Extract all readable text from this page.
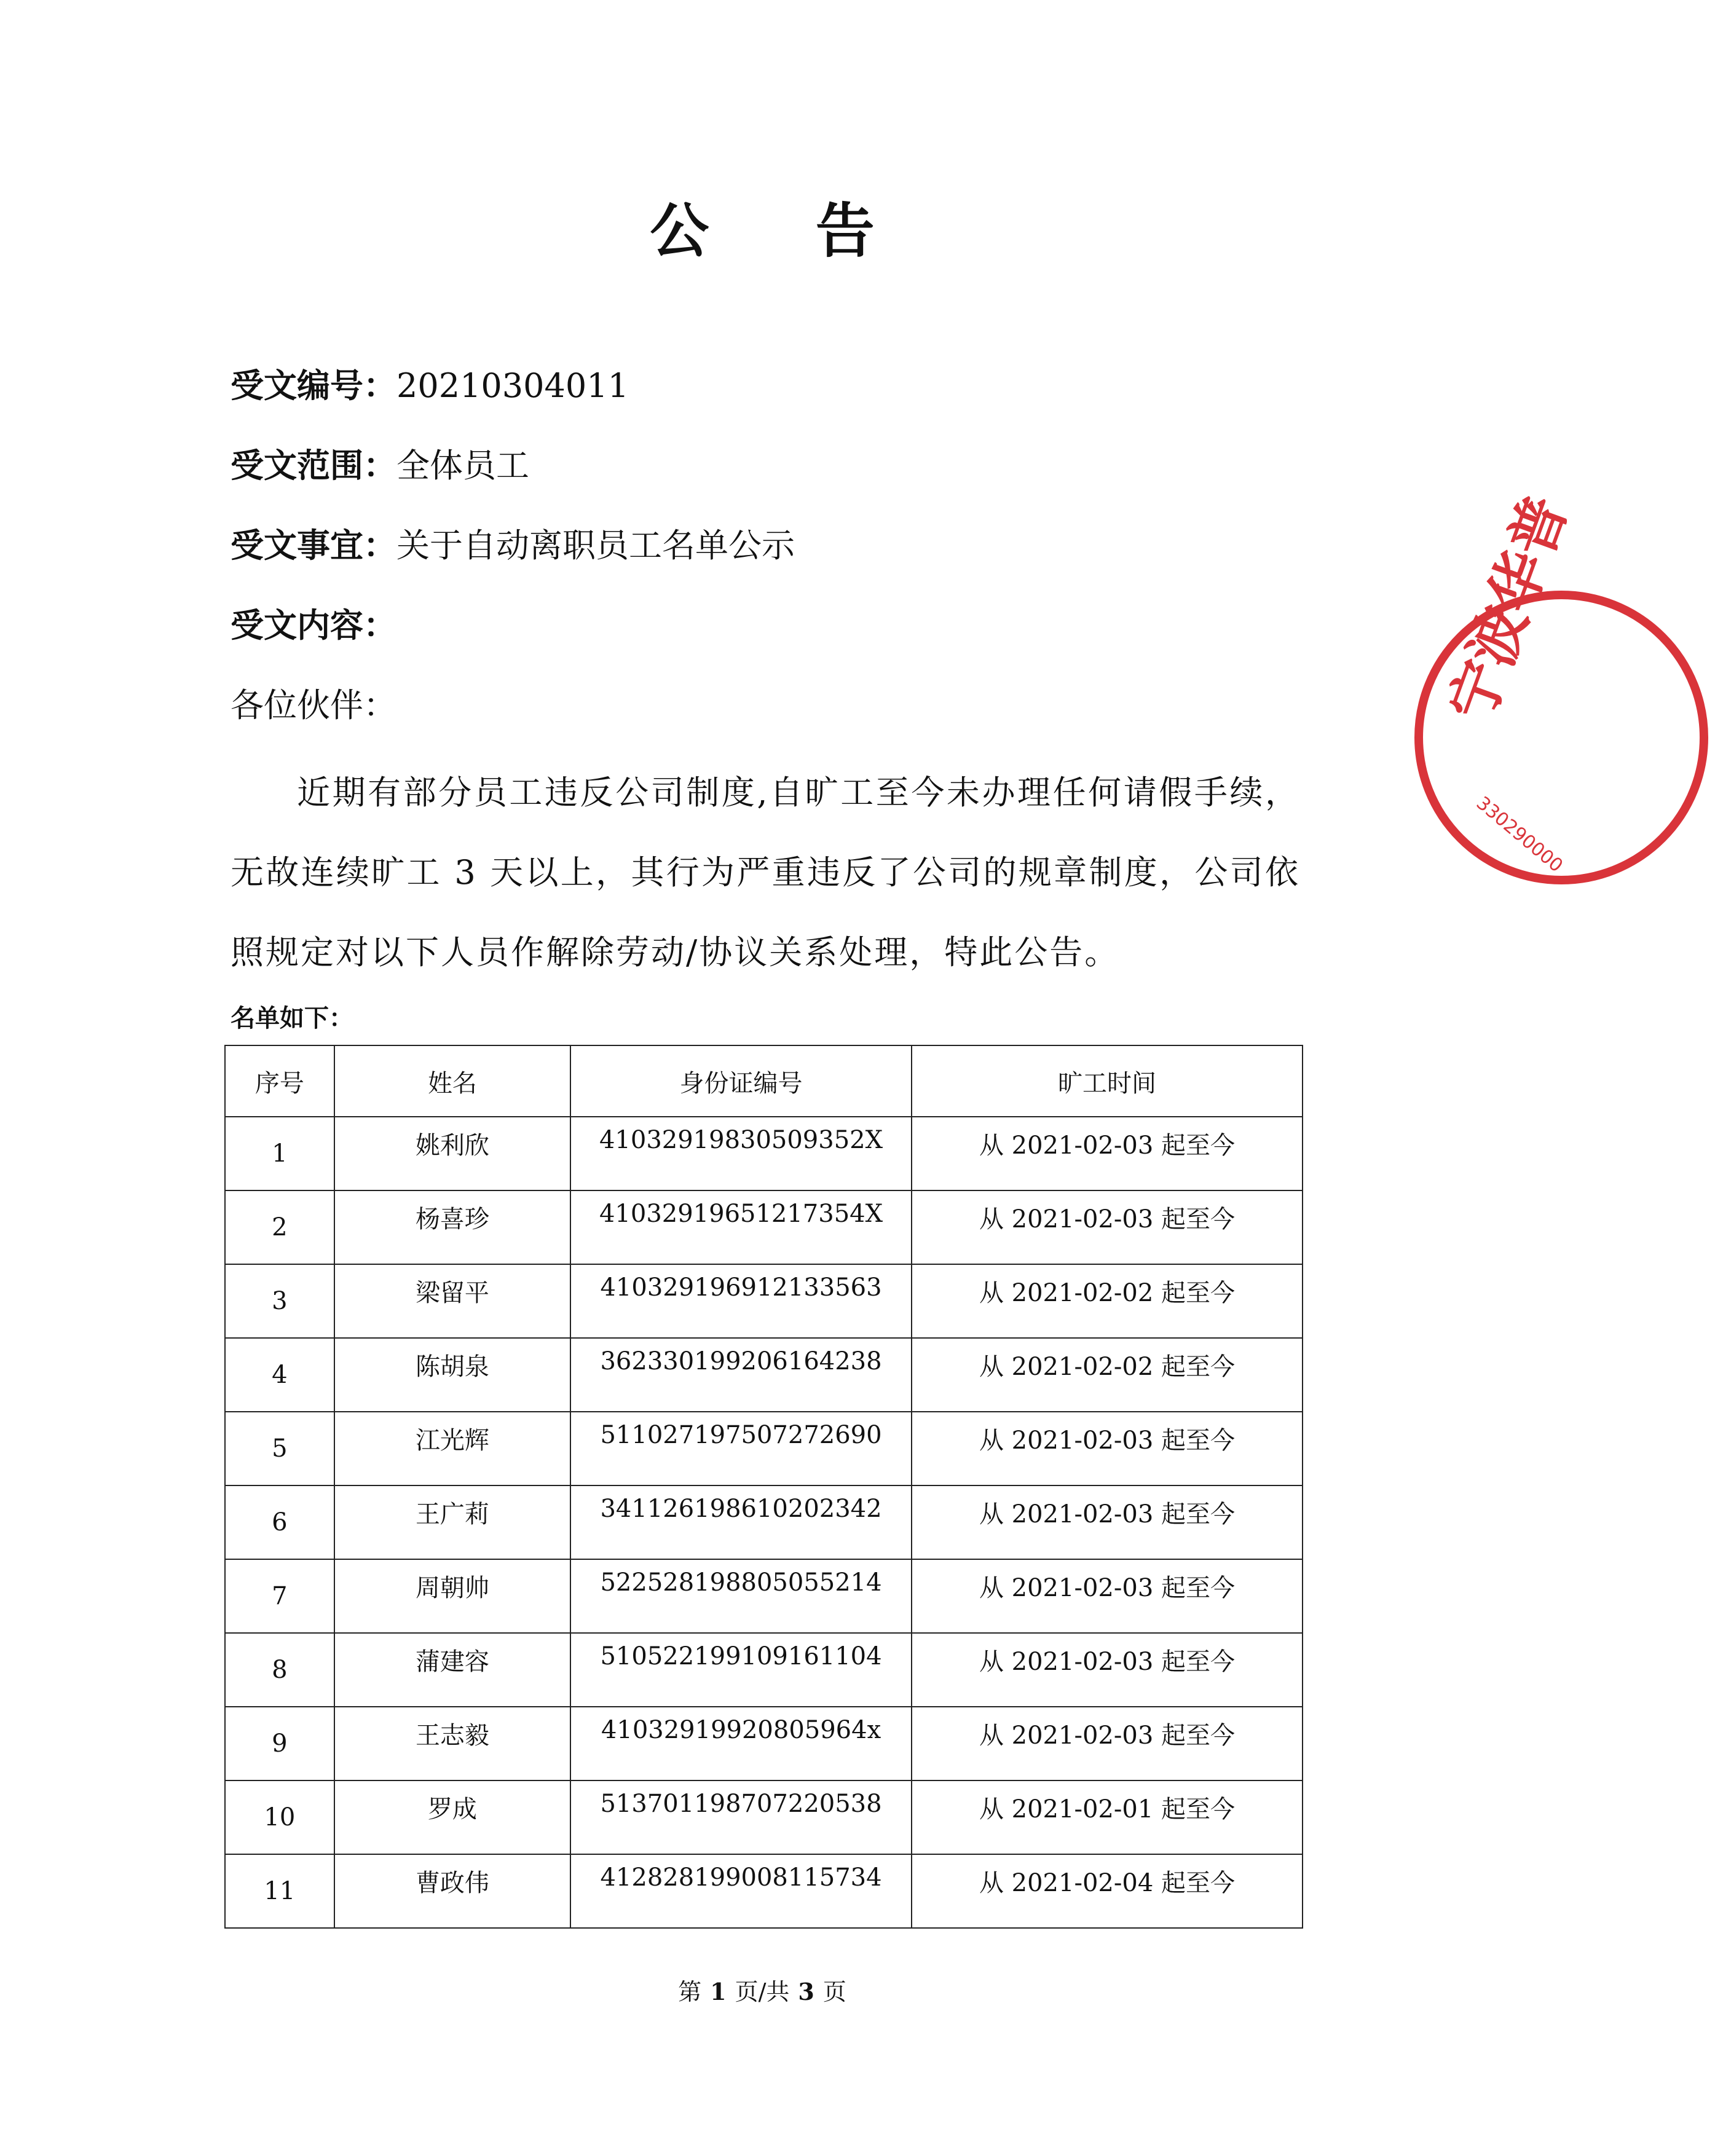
公 告
受文编号：20210304011
受文范围：全体员工
受文事宜：关于自动离职员工名单公示
受文内容：
各位伙伴：
近期有部分员工违反公司制度,自旷工至今未办理任何请假手续，无故连续旷工 3 天以上，其行为严重违反了公司的规章制度，公司依照规定对以下人员作解除劳动/协议关系处理，特此公告。
名单如下：
序号	姓名	身份证编号	旷工时间
1	姚利欣	41032919830509352X	从 2021-02-03 起至今
2	杨喜珍	41032919651217354X	从 2021-02-03 起至今
3	梁留平	410329196912133563	从 2021-02-02 起至今
4	陈胡泉	362330199206164238	从 2021-02-02 起至今
5	江光辉	511027197507272690	从 2021-02-03 起至今
6	王广莉	341126198610202342	从 2021-02-03 起至今
7	周朝帅	522528198805055214	从 2021-02-03 起至今
8	蒲建容	510522199109161104	从 2021-02-03 起至今
9	王志毅	41032919920805964x	从 2021-02-03 起至今
10	罗成	513701198707220538	从 2021-02-01 起至今
11	曹政伟	412828199008115734	从 2021-02-04 起至今
第 1 页/共 3 页
宁波华普
330290000
